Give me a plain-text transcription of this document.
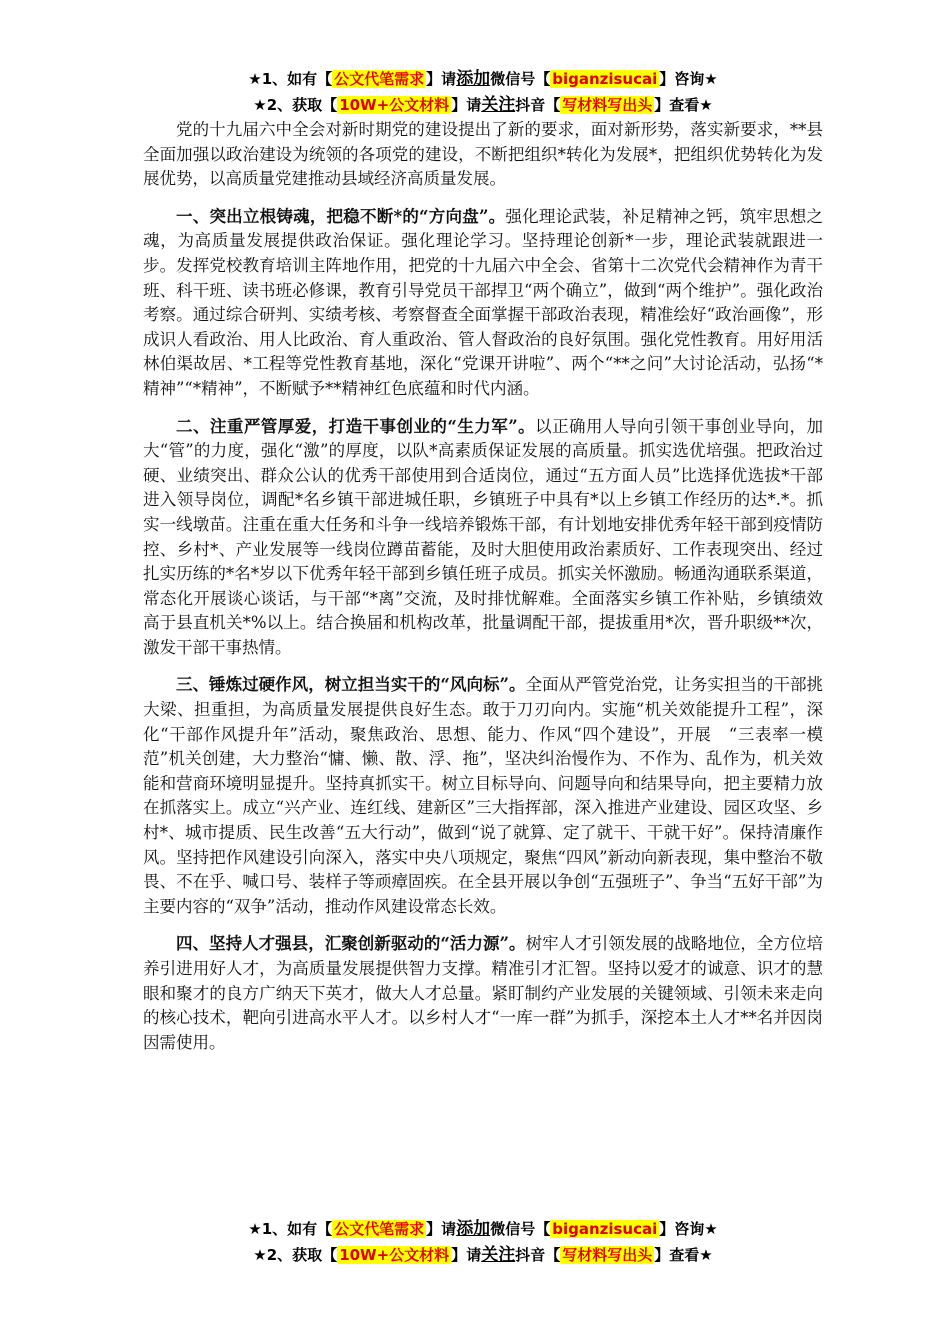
★1、如有【 公文代笔需求 】请添加微信号【 biganzisucai 】咨询★
★2、获取【 10W+公文材料 】请关注抖音【 写材料写出头 】查看★

党的十九届六中全会对新时期党的建设提出了新的要求，面对新形势，落实新要求，**县全面加强以政治建设为统领的各项党的建设，不断把组织*转化为发展*，把组织优势转化为发展优势，以高质量党建推动县域经济高质量发展。

一、突出立根铸魂，把稳不断*的“方向盘”。强化理论武装，补足精神之钙，筑牢思想之魂，为高质量发展提供政治保证。强化理论学习。坚持理论创新*一步，理论武装就跟进一步。发挥党校教育培训主阵地作用，把党的十九届六中全会、省第十二次党代会精神作为青干班、科干班、读书班必修课，教育引导党员干部捍卫“两个确立”，做到“两个维护”。强化政治考察。通过综合研判、实绩考核、考察督查全面掌握干部政治表现，精准绘好“政治画像”，形成识人看政治、用人比政治、育人重政治、管人督政治的良好氛围。强化党性教育。用好用活林伯渠故居、*工程等党性教育基地，深化“党课开讲啦”、两个“**之问”大讨论活动，弘扬“*精神”“*精神”，不断赋予**精神红色底蕴和时代内涵。

二、注重严管厚爱，打造干事创业的“生力军”。以正确用人导向引领干事创业导向，加大“管”的力度，强化“激”的厚度，以队*高素质保证发展的高质量。抓实选优培强。把政治过硬、业绩突出、群众公认的优秀干部使用到合适岗位，通过“五方面人员”比选择优选拔*干部进入领导岗位，调配*名乡镇干部进城任职，乡镇班子中具有*以上乡镇工作经历的达*.*。抓实一线墩苗。注重在重大任务和斗争一线培养锻炼干部，有计划地安排优秀年轻干部到疫情防控、乡村*、产业发展等一线岗位蹲苗蓄能，及时大胆使用政治素质好、工作表现突出、经过扎实历练的*名*岁以下优秀年轻干部到乡镇任班子成员。抓实关怀激励。畅通沟通联系渠道，常态化开展谈心谈话，与干部“*离”交流，及时排忧解难。全面落实乡镇工作补贴，乡镇绩效高于县直机关*%以上。结合换届和机构改革，批量调配干部，提拔重用*次，晋升职级**次，激发干部干事热情。

三、锤炼过硬作风，树立担当实干的“风向标”。全面从严管党治党，让务实担当的干部挑大梁、担重担，为高质量发展提供良好生态。敢于刀刃向内。实施“机关效能提升工程”，深化“干部作风提升年”活动，聚焦政治、思想、能力、作风“四个建设”，开展　“三表率一模范”机关创建，大力整治“慵、懒、散、浮、拖”，坚决纠治慢作为、不作为、乱作为，机关效能和营商环境明显提升。坚持真抓实干。树立目标导向、问题导向和结果导向，把主要精力放在抓落实上。成立“兴产业、连红线、建新区”三大指挥部，深入推进产业建设、园区攻坚、乡村*、城市提质、民生改善“五大行动”，做到“说了就算、定了就干、干就干好”。保持清廉作风。坚持把作风建设引向深入，落实中央八项规定，聚焦“四风”新动向新表现，集中整治不敬畏、不在乎、喊口号、装样子等顽瘴固疾。在全县开展以争创“五强班子”、争当“五好干部”为主要内容的“双争”活动，推动作风建设常态长效。

四、坚持人才强县，汇聚创新驱动的“活力源”。树牢人才引领发展的战略地位，全方位培养引进用好人才，为高质量发展提供智力支撑。精准引才汇智。坚持以爱才的诚意、识才的慧眼和聚才的良方广纳天下英才，做大人才总量。紧盯制约产业发展的关键领域、引领未来走向的核心技术，靶向引进高水平人才。以乡村人才“一库一群”为抓手，深挖本土人才**名并因岗因需使用。

★1、如有【 公文代笔需求 】请添加微信号【 biganzisucai 】咨询★
★2、获取【 10W+公文材料 】请关注抖音【 写材料写出头 】查看★
